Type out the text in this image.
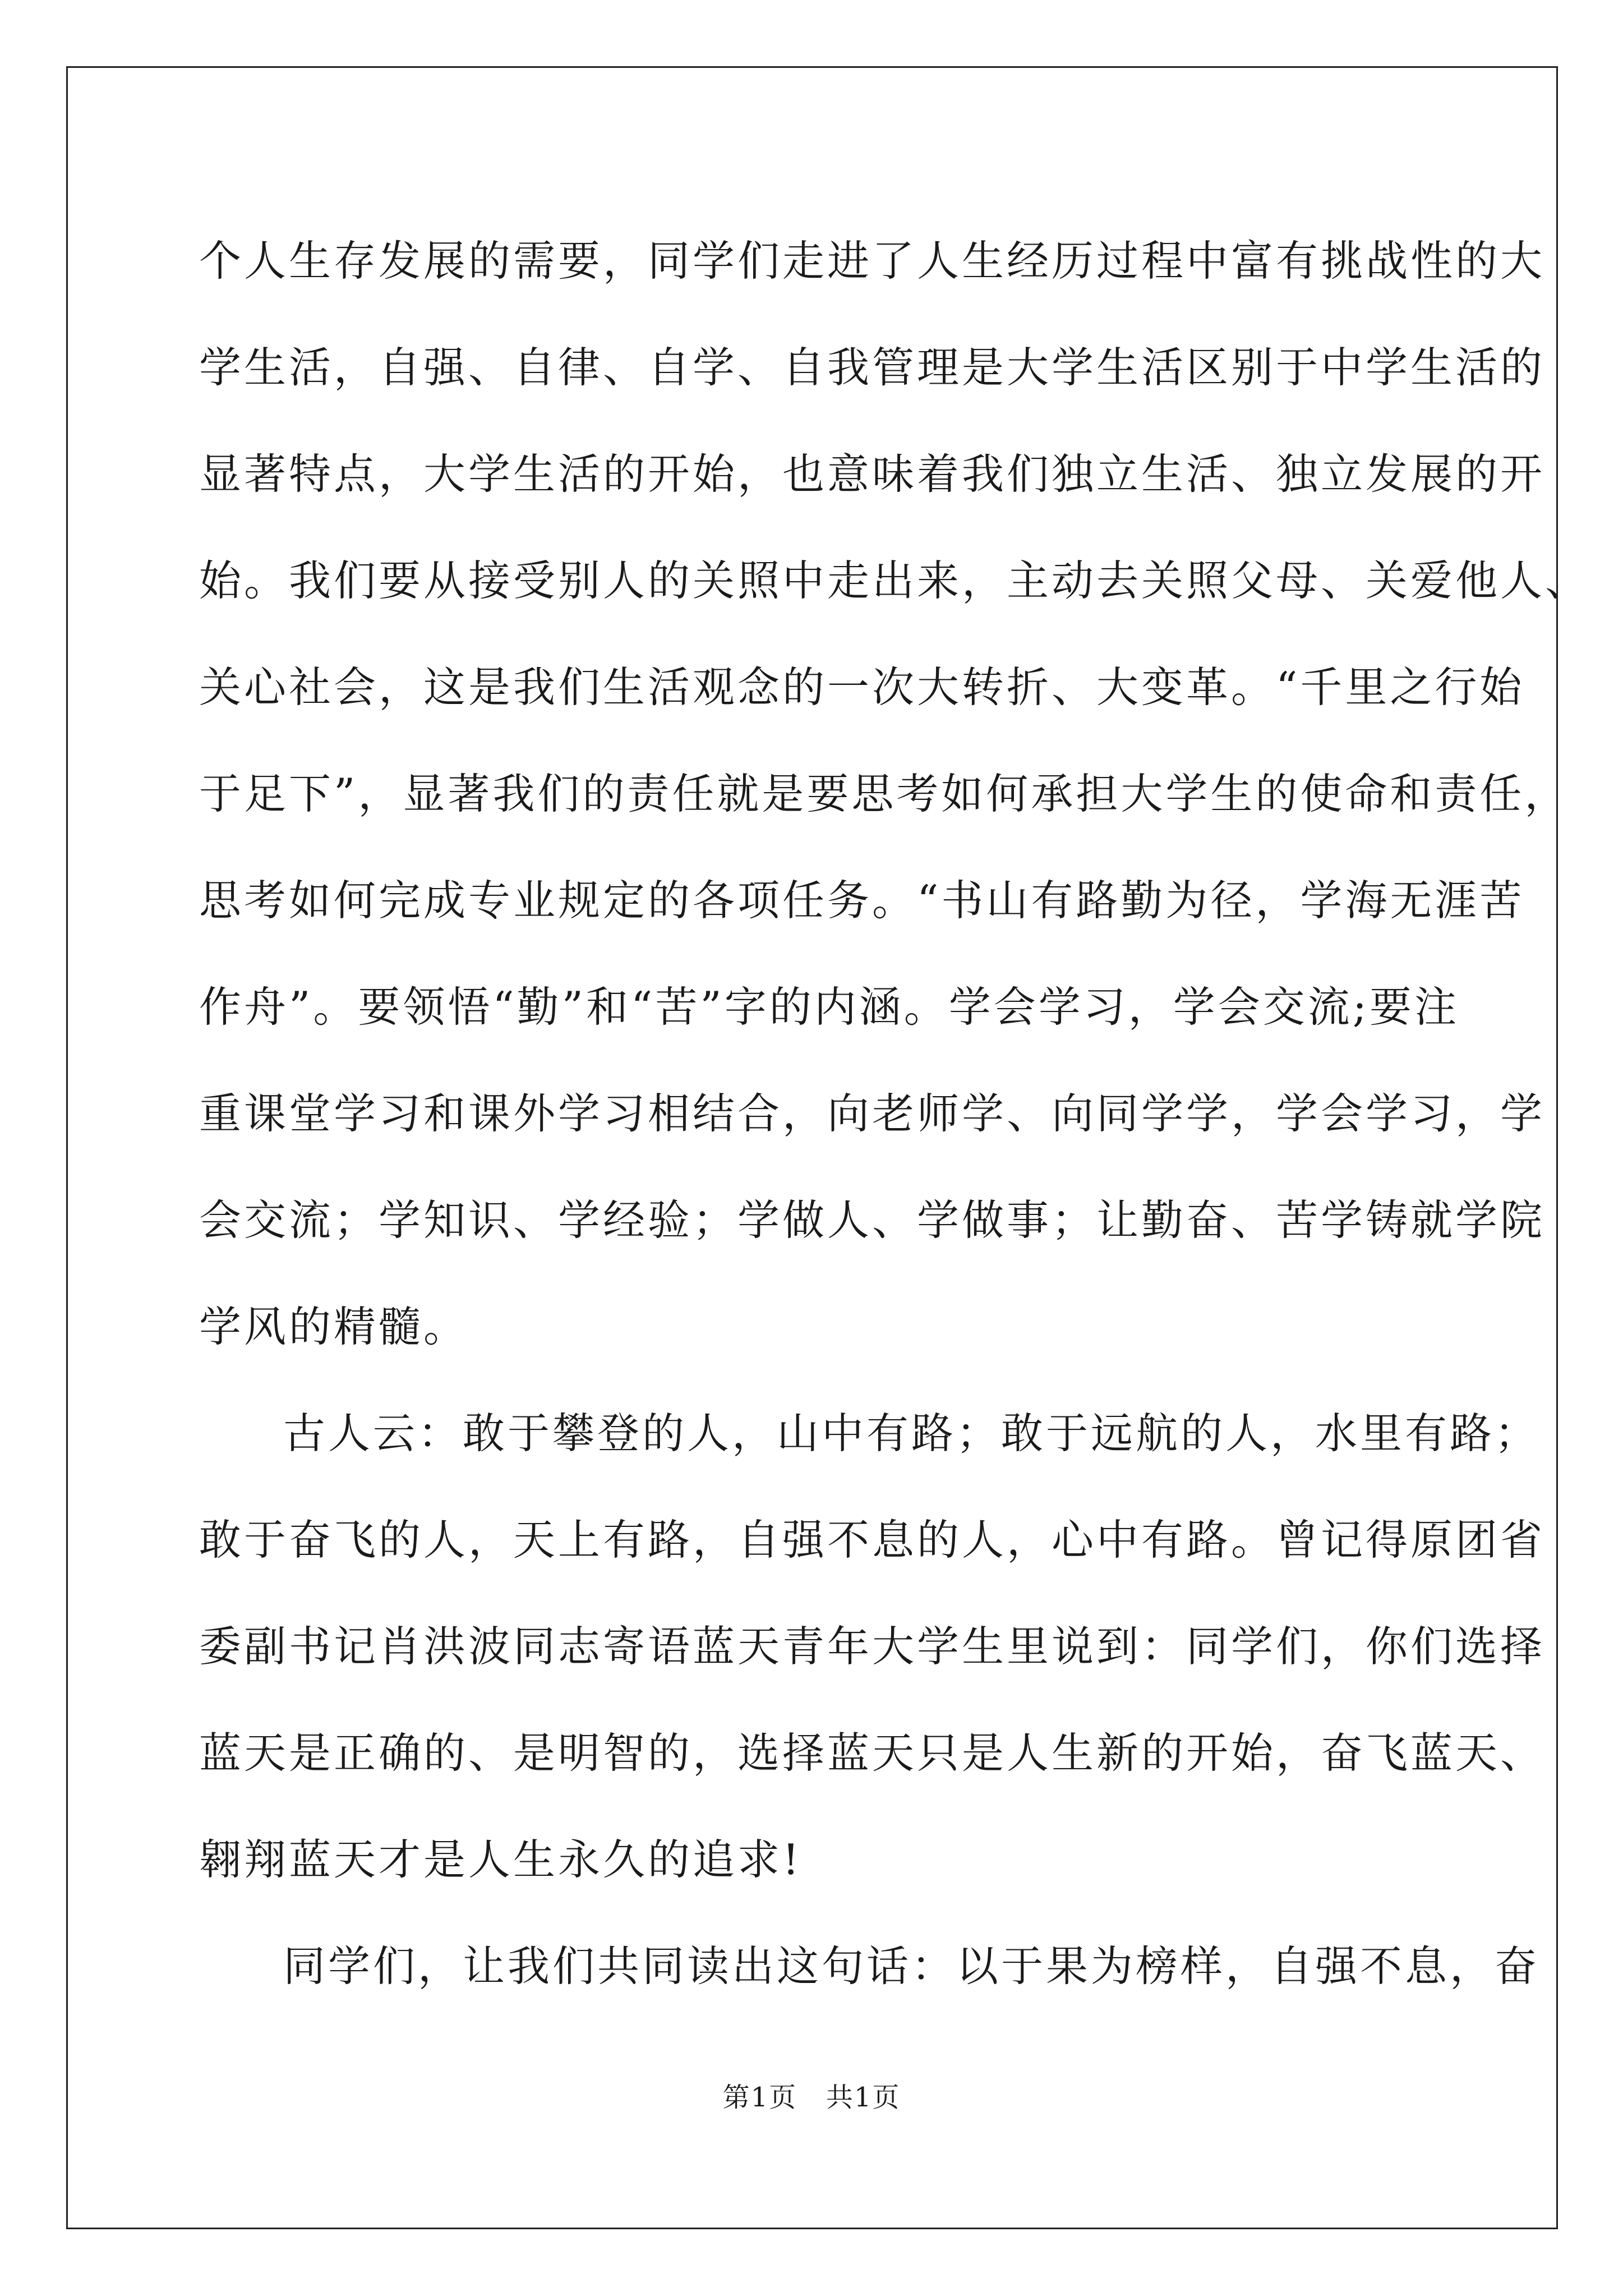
个人生存发展的需要，同学们走进了人生经历过程中富有挑战性的大
学生活，自强、自律、自学、自我管理是大学生活区别于中学生活的
显著特点，大学生活的开始，也意味着我们独立生活、独立发展的开
始。我们要从接受别人的关照中走出来，主动去关照父母、关爱他人、
关心社会，这是我们生活观念的一次大转折、大变革。“千里之行始
于足下”，显著我们的责任就是要思考如何承担大学生的使命和责任，
思考如何完成专业规定的各项任务。“书山有路勤为径，学海无涯苦
作舟”。要领悟“勤”和“苦”字的内涵。学会学习，学会交流;要注
重课堂学习和课外学习相结合，向老师学、向同学学，学会学习，学
会交流；学知识、学经验；学做人、学做事；让勤奋、苦学铸就学院
学风的精髓。
古人云：敢于攀登的人，山中有路；敢于远航的人，水里有路；
敢于奋飞的人，天上有路，自强不息的人，心中有路。曾记得原团省
委副书记肖洪波同志寄语蓝天青年大学生里说到：同学们，你们选择
蓝天是正确的、是明智的，选择蓝天只是人生新的开始，奋飞蓝天、
翱翔蓝天才是人生永久的追求!
同学们，让我们共同读出这句话：以于果为榜样，自强不息，奋
第1页   共1页
